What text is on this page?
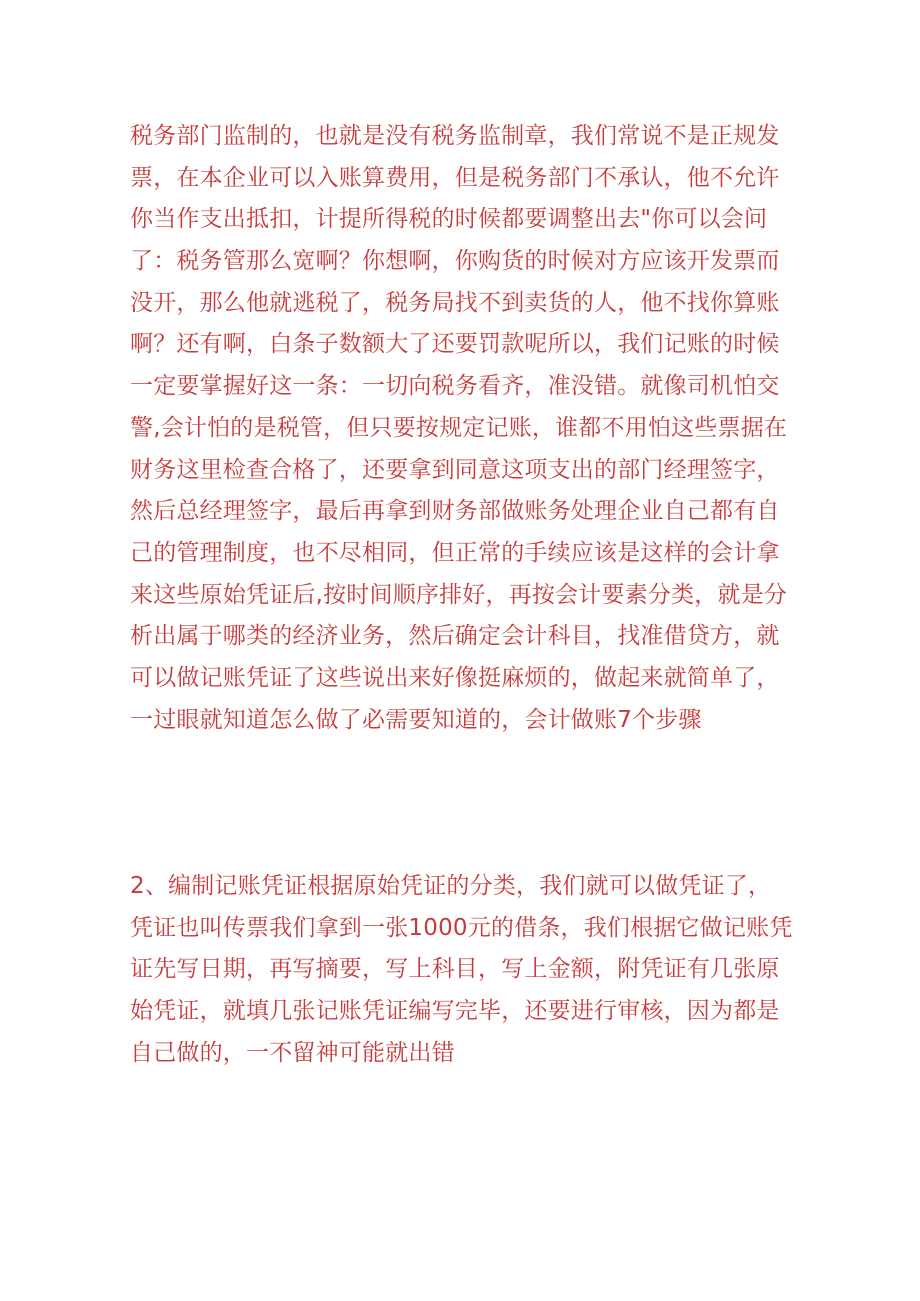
税务部门监制的，也就是没有税务监制章，我们常说不是正规发
票，在本企业可以入账算费用，但是税务部门不承认，他不允许
你当作支出抵扣，计提所得税的时候都要调整出去"你可以会问
了：税务管那么宽啊？你想啊，你购货的时候对方应该开发票而
没开，那么他就逃税了，税务局找不到卖货的人，他不找你算账
啊？还有啊，白条子数额大了还要罚款呢所以，我们记账的时候
一定要掌握好这一条：一切向税务看齐，准没错。就像司机怕交
警,会计怕的是税管，但只要按规定记账，谁都不用怕这些票据在
财务这里检查合格了，还要拿到同意这项支出的部门经理签字，
然后总经理签字，最后再拿到财务部做账务处理企业自己都有自
己的管理制度，也不尽相同，但正常的手续应该是这样的会计拿
来这些原始凭证后,按时间顺序排好，再按会计要素分类，就是分
析出属于哪类的经济业务，然后确定会计科目，找准借贷方，就
可以做记账凭证了这些说出来好像挺麻烦的，做起来就简单了，
一过眼就知道怎么做了必需要知道的，会计做账7个步骤
2、编制记账凭证根据原始凭证的分类，我们就可以做凭证了，
凭证也叫传票我们拿到一张1000元的借条，我们根据它做记账凭
证先写日期，再写摘要，写上科目，写上金额，附凭证有几张原
始凭证，就填几张记账凭证编写完毕，还要进行审核，因为都是
自己做的，一不留神可能就出错
